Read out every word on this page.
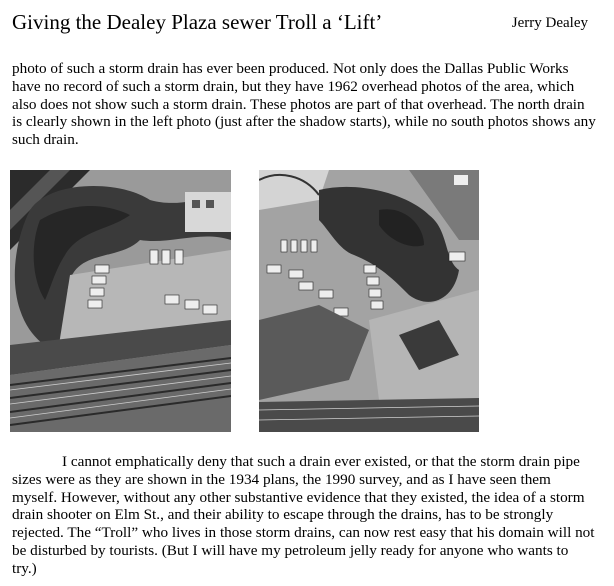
Giving the Dealey Plaza sewer Troll a ‘Lift’	Jerry Dealey

photo of such a storm drain has ever been produced. Not only does the Dallas Public Works have no record of such a storm drain, but they have 1962 overhead photos of the area, which also does not show such a storm drain. These photos are part of that overhead. The north drain is clearly shown in the left photo (just after the shadow starts), while no south photos shows any such drain.

I cannot emphatically deny that such a drain ever existed, or that the storm drain pipe sizes were as they are shown in the 1934 plans, the 1990 survey, and as I have seen them myself. However, without any other substantive evidence that they existed, the idea of a storm drain shooter on Elm St., and their ability to escape through the drains, has to be strongly rejected. The “Troll” who lives in those storm drains, can now rest easy that his domain will not be disturbed by tourists. (But I will have my petroleum jelly ready for anyone who wants to try.)
